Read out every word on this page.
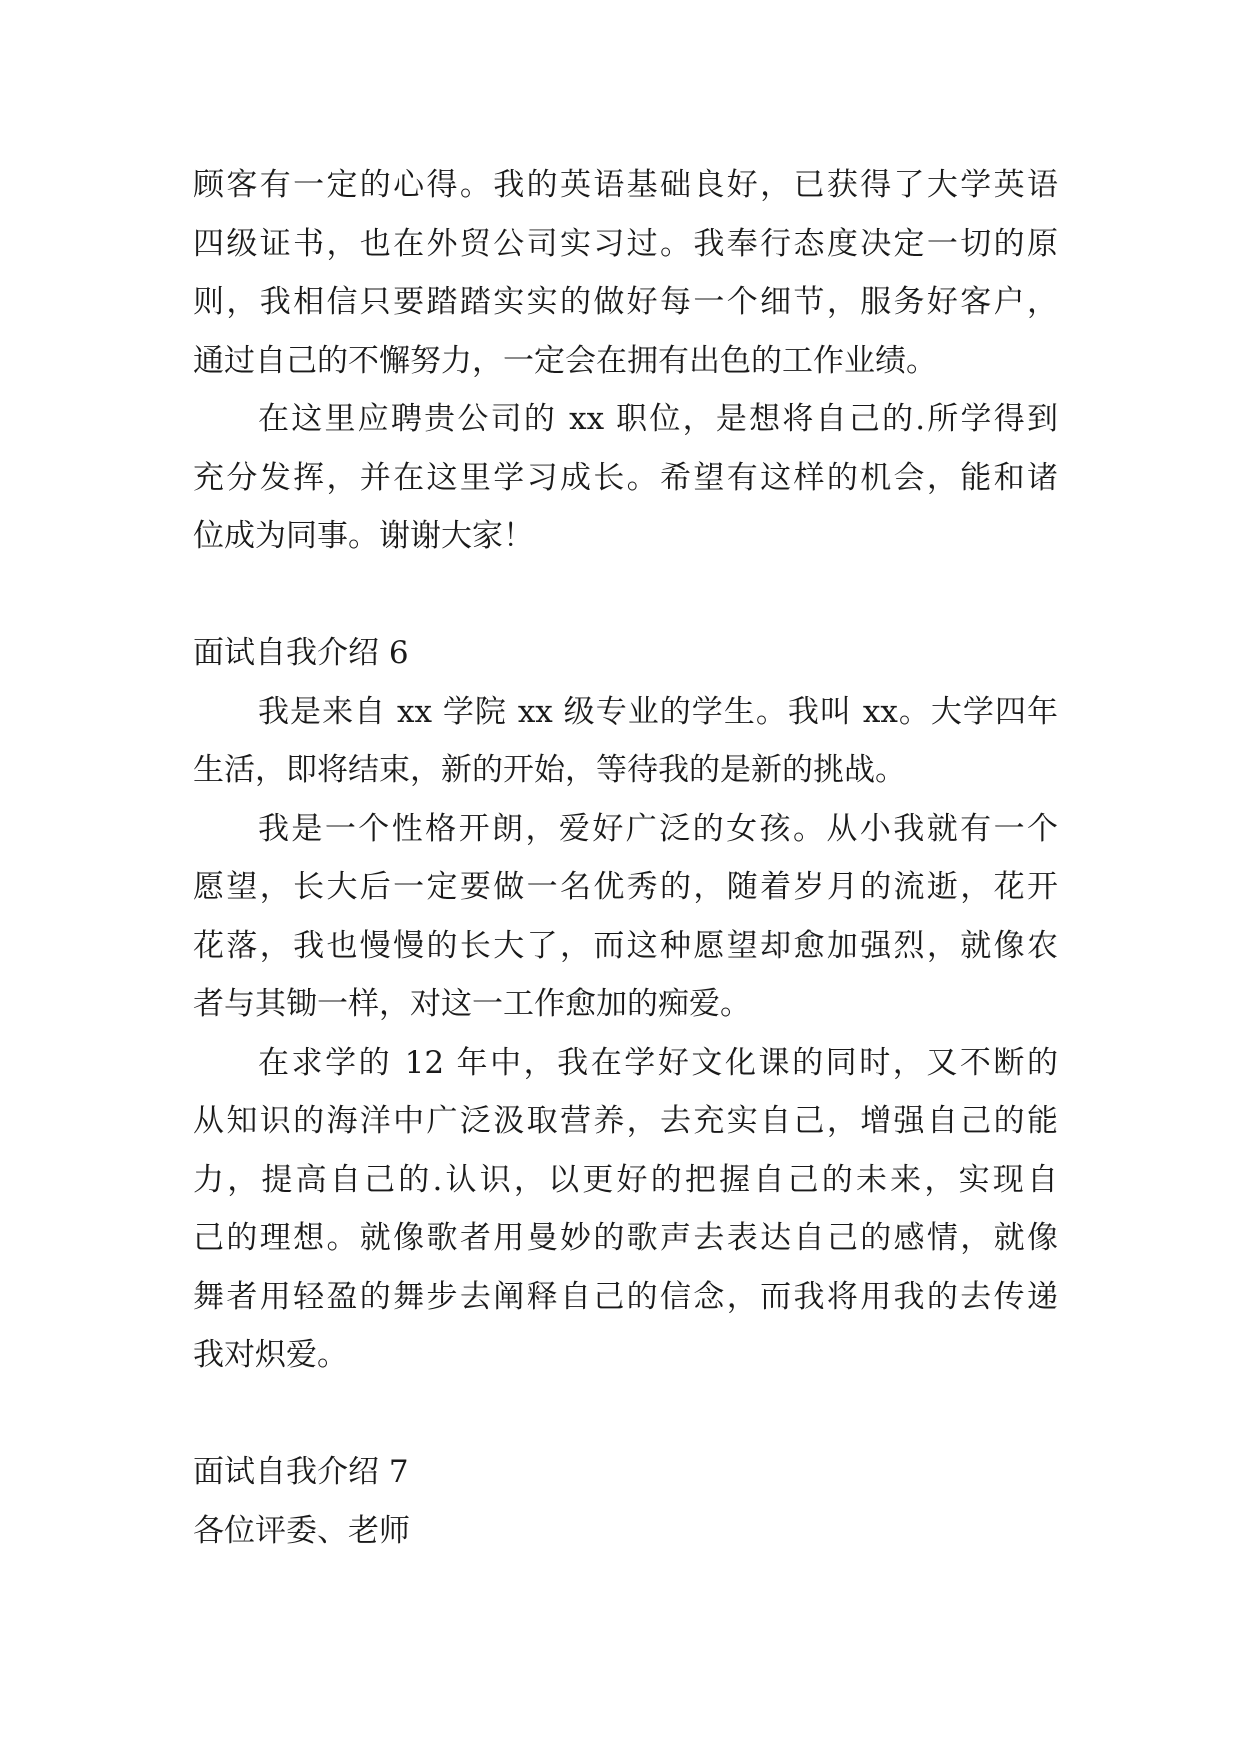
顾客有一定的心得。我的英语基础良好，已获得了大学英语
四级证书，也在外贸公司实习过。我奉行态度决定一切的原
则，我相信只要踏踏实实的做好每一个细节，服务好客户，
通过自己的不懈努力，一定会在拥有出色的工作业绩。
在这里应聘贵公司的 xx 职位，是想将自己的.所学得到
充分发挥，并在这里学习成长。希望有这样的机会，能和诸
位成为同事。谢谢大家！
面试自我介绍 6
我是来自 xx 学院 xx 级专业的学生。我叫 xx。大学四年
生活，即将结束，新的开始，等待我的是新的挑战。
我是一个性格开朗，爱好广泛的女孩。从小我就有一个
愿望，长大后一定要做一名优秀的，随着岁月的流逝，花开
花落，我也慢慢的长大了，而这种愿望却愈加强烈，就像农
者与其锄一样，对这一工作愈加的痴爱。
在求学的 12 年中，我在学好文化课的同时，又不断的
从知识的海洋中广泛汲取营养，去充实自己，增强自己的能
力，提高自己的.认识，以更好的把握自己的未来，实现自
己的理想。就像歌者用曼妙的歌声去表达自己的感情，就像
舞者用轻盈的舞步去阐释自己的信念，而我将用我的去传递
我对炽爱。
面试自我介绍 7
各位评委、老师
